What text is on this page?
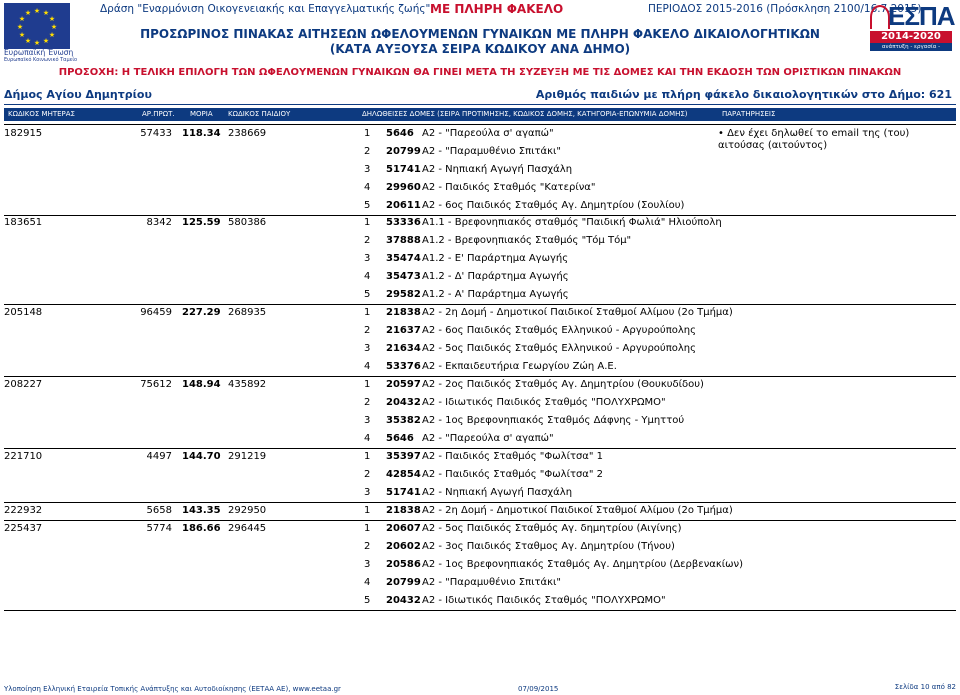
★ ★
★
★
★
★
★
★
★
★
★
★
Ευρωπαϊκή Ένωση
Ευρωπαϊκό Κοινωνικό Ταμείο
Δράση "Εναρμόνιση Οικογενειακής και Επαγγελματικής ζωής" ΜΕ ΠΛΗΡΗ ΦΑΚΕΛΟ	ΠΕΡΙΟΔΟΣ 2015-2016 (Πρόσκληση 2100/16.7.2015)
ΠΡΟΣΩΡΙΝΟΣ ΠΙΝΑΚΑΣ ΑΙΤΗΣΕΩΝ ΩΦΕΛΟΥΜΕΝΩΝ ΓΥΝΑΙΚΩΝ ΜΕ ΠΛΗΡΗ ΦΑΚΕΛΟ ΔΙΚΑΙΟΛΟΓΗΤΙΚΩΝ
(ΚΑΤΑ ΑΥΞΟΥΣΑ ΣΕΙΡΑ ΚΩΔΙΚΟΥ ΑΝΑ ΔΗΜΟ)
ΕΣΠΑ
2014-2020
ανάπτυξη - εργασία - αλληλεγγύη
ΠΡΟΣΟΧΗ: Η ΤΕΛΙΚΗ ΕΠΙΛΟΓΗ ΤΩΝ ΩΦΕΛΟΥΜΕΝΩΝ ΓΥΝΑΙΚΩΝ ΘΑ ΓΙΝΕΙ ΜΕΤΑ ΤΗ ΣΥΖΕΥΞΗ ΜΕ ΤΙΣ ΔΟΜΕΣ ΚΑΙ ΤΗΝ ΕΚΔΟΣΗ ΤΩΝ ΟΡΙΣΤΙΚΩΝ ΠΙΝΑΚΩΝ
Δήμος Αγίου Δημητρίου	Αριθμός παιδιών με πλήρη φάκελο δικαιολογητικών στο Δήμο: 621
ΚΩΔΙΚΟΣ ΜΗΤΕΡΑΣ	ΑΡ.ΠΡΩΤ. ΜΟΡΙΑ ΚΩΔΙΚΟΣ ΠΑΙΔΙΟΥ	ΔΗΛΩΘΕΙΣΕΣ ΔΟΜΕΣ (ΣΕΙΡΑ ΠΡΟΤΙΜΗΣΗΣ, ΚΩΔΙΚΟΣ ΔΟΜΗΣ, ΚΑΤΗΓΟΡΙΑ-ΕΠΩΝΥΜΙΑ ΔΟΜΗΣ)	ΠΑΡΑΤΗΡΗΣΕΙΣ
182915	57433 118.34 238669	1 5646 Α2 - "Παρεούλα σ' αγαπώ"
2 20799 Α2 - "Παραμυθένιο Σπιτάκι"
3 51741 Α2 - Νηπιακή Αγωγή Πασχάλη
4 29960 Α2 - Παιδικός Σταθμός "Κατερίνα"
5 20611 Α2 - 6ος Παιδικός Σταθμός Αγ. Δημητρίου (Σουλίου)
• Δεν έχει δηλωθεί το email της (του) αιτούσας (αιτούντος)
183651	8342 125.59 580386	1 53336 Α1.1 - Βρεφονηπιακός σταθμός "Παιδική Φωλιά" Ηλιούπολη
2 37888 Α1.2 - Βρεφονηπιακός Σταθμός "Τόμ Τόμ"
3 35474 Α1.2 - Ε' Παράρτημα Αγωγής
4 35473 Α1.2 - Δ' Παράρτημα Αγωγής
5 29582 Α1.2 - Α' Παράρτημα Αγωγής
205148	96459 227.29 268935	1 21838 Α2 - 2η Δομή - Δημοτικοί Παιδικοί Σταθμοί Αλίμου (2ο Τμήμα)
2 21637 Α2 - 6ος Παιδικός Σταθμός Ελληνικού - Αργυρούπολης
3 21634 Α2 - 5ος Παιδικός Σταθμός Ελληνικού - Αργυρούπολης
4 53376 Α2 - Εκπαιδευτήρια Γεωργίου Ζώη Α.Ε.
208227	75612 148.94 435892	1 20597 Α2 - 2ος Παιδικός Σταθμός Αγ. Δημητρίου (Θουκυδίδου)
2 20432 Α2 - Ιδιωτικός Παιδικός Σταθμός "ΠΟΛΥΧΡΩΜΟ"
3 35382 Α2 - 1ος Βρεφονηπιακός Σταθμός Δάφνης - Υμηττού
4 5646 Α2 - "Παρεούλα σ' αγαπώ"
221710	4497 144.70 291219	1 35397 Α2 - Παιδικός Σταθμός "Φωλίτσα" 1
2 42854 Α2 - Παιδικός Σταθμός "Φωλίτσα" 2
3 51741 Α2 - Νηπιακή Αγωγή Πασχάλη
222932	5658 143.35 292950	1 21838 Α2 - 2η Δομή - Δημοτικοί Παιδικοί Σταθμοί Αλίμου (2ο Τμήμα)
225437	5774 186.66 296445	1 20607 Α2 - 5ος Παιδικός Σταθμός Αγ. δημητρίου (Αιγίνης)
2 20602 Α2 - 3ος Παιδικός Σταθμος Αγ. Δημητρίου (Τήνου)
3 20586 Α2 - 1ος Βρεφονηπιακός Σταθμός Αγ. Δημητρίου (Δερβενακίων)
4 20799 Α2 - "Παραμυθένιο Σπιτάκι"
5 20432 Α2 - Ιδιωτικός Παιδικός Σταθμός "ΠΟΛΥΧΡΩΜΟ"
Υλοποίηση Ελληνική Εταιρεία Τοπικής Ανάπτυξης και Αυτοδιοίκησης (ΕΕΤΑΑ ΑΕ), www.eetaa.gr	07/09/2015	Σελίδα 10 από 82
